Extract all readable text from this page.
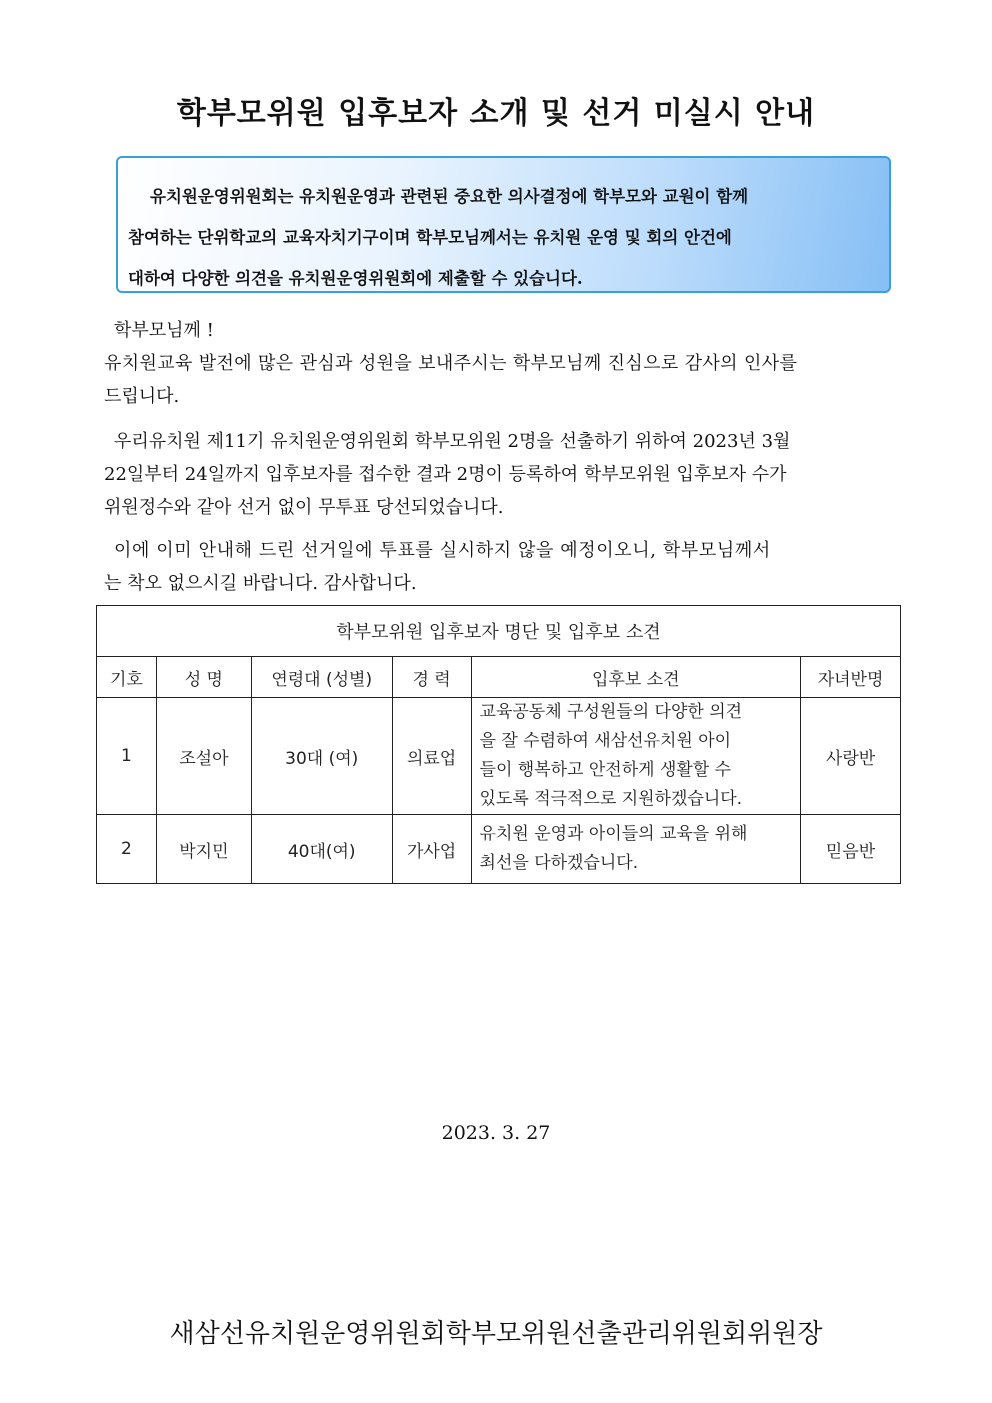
학부모위원 입후보자 소개 및 선거 미실시 안내
유치원운영위원회는 유치원운영과 관련된 중요한 의사결정에 학부모와 교원이 함께
참여하는 단위학교의 교육자치기구이며 학부모님께서는 유치원 운영 및 회의 안건에
대하여 다양한 의견을 유치원운영위원회에 제출할 수 있습니다.
학부모님께 !
유치원교육 발전에 많은 관심과 성원을 보내주시는 학부모님께 진심으로 감사의 인사를
드립니다.
우리유치원 제11기 유치원운영위원회 학부모위원 2명을 선출하기 위하여 2023년 3월
22일부터 24일까지 입후보자를 접수한 결과 2명이 등록하여 학부모위원 입후보자 수가
위원정수와 같아 선거 없이 무투표 당선되었습니다.
이에 이미 안내해 드린 선거일에 투표를 실시하지 않을 예정이오니, 학부모님께서
는 착오 없으시길 바랍니다. 감사합니다.
학부모위원 입후보자 명단 및 입후보 소견					
기호	성 명	연령대 (성별)	경 력	입후보 소견	자녀반명
1	조설아	30대 (여)	의료업	교육공동체 구성원들의 다양한 의견
을 잘 수렴하여 새삼선유치원 아이
들이 행복하고 안전하게 생활할 수
있도록 적극적으로 지원하겠습니다.	사랑반
2	박지민	40대(여)	가사업	유치원 운영과 아이들의 교육을 위해
최선을 다하겠습니다.	믿음반
2023. 3. 27
새삼선유치원운영위원회학부모위원선출관리위원회위원장
